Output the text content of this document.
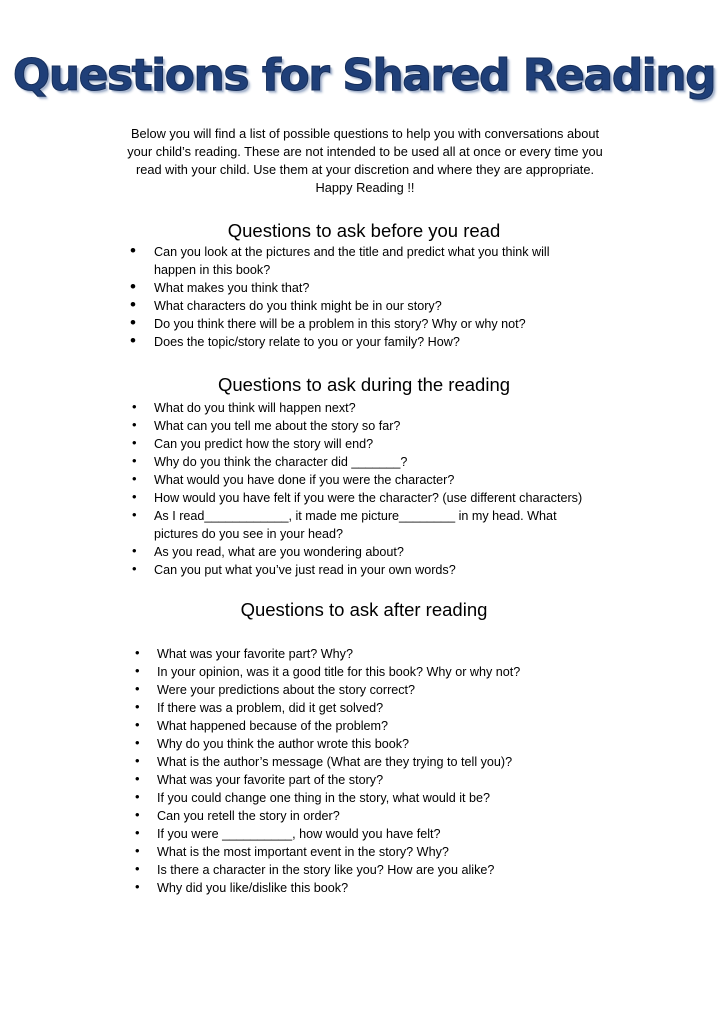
Questions for Shared Reading
Below you will find a list of possible questions to help you with conversations about
your child’s reading. These are not intended to be used all at once or every time you
read with your child. Use them at your discretion and where they are appropriate.
Happy Reading !!
Questions to ask before you read
• Can you look at the pictures and the title and predict what you think will
happen in this book?
• What makes you think that?
• What characters do you think might be in our story?
• Do you think there will be a problem in this story? Why or why not?
• Does the topic/story relate to you or your family? How?
Questions to ask during the reading
• What do you think will happen next?
• What can you tell me about the story so far?
• Can you predict how the story will end?
• Why do you think the character did _______?
• What would you have done if you were the character?
• How would you have felt if you were the character? (use different characters)
• As I read____________, it made me picture________ in my head. What
pictures do you see in your head?
• As you read, what are you wondering about?
• Can you put what you’ve just read in your own words?
Questions to ask after reading
• What was your favorite part? Why?
• In your opinion, was it a good title for this book? Why or why not?
• Were your predictions about the story correct?
• If there was a problem, did it get solved?
• What happened because of the problem?
• Why do you think the author wrote this book?
• What is the author’s message (What are they trying to tell you)?
• What was your favorite part of the story?
• If you could change one thing in the story, what would it be?
• Can you retell the story in order?
• If you were __________, how would you have felt?
• What is the most important event in the story? Why?
• Is there a character in the story like you? How are you alike?
• Why did you like/dislike this book?
